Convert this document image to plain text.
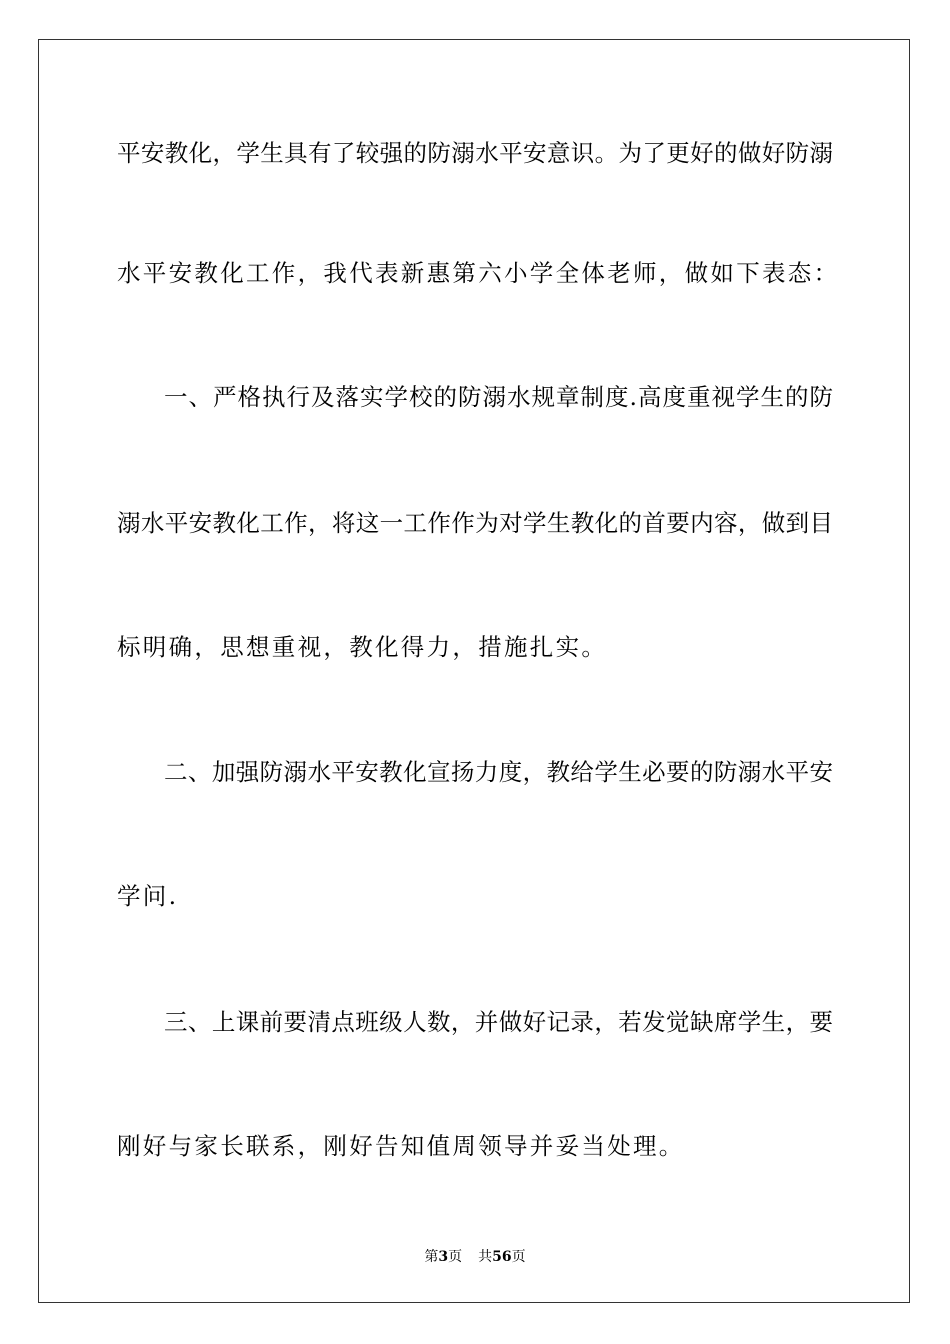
平安教化，学生具有了较强的防溺水平安意识。为了更好的做好防溺
水平安教化工作，我代表新惠第六小学全体老师，做如下表态：
一、严格执行及落实学校的防溺水规章制度.高度重视学生的防
溺水平安教化工作，将这一工作作为对学生教化的首要内容，做到目
标明确，思想重视，教化得力，措施扎实。
二、加强防溺水平安教化宣扬力度，教给学生必要的防溺水平安
学问.
三、上课前要清点班级人数，并做好记录，若发觉缺席学生，要
刚好与家长联系，刚好告知值周领导并妥当处理。
第3页 共56页
